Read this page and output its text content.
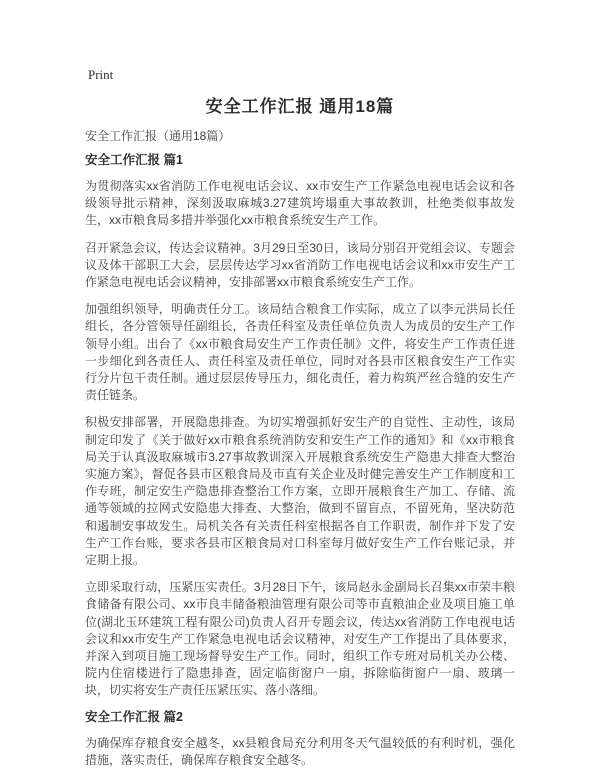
Print
安全工作汇报 通用18篇

安全工作汇报（通用18篇）

安全工作汇报 篇1

为贯彻落实xx省消防工作电视电话会议、xx市安生产工作紧急电视电话会议和各级领导批示精神，深刻汲取麻城3.27建筑垮塌重大事故教训，杜绝类似事故发生，xx市粮食局多措并举强化xx市粮食系统安生产工作。

召开紧急会议，传达会议精神。3月29日至30日，该局分别召开党组会议、专题会议及体干部职工大会，层层传达学习xx省消防工作电视电话会议和xx市安生产工作紧急电视电话会议精神，安排部署xx市粮食系统安生产工作。

加强组织领导，明确责任分工。该局结合粮食工作实际，成立了以李元洪局长任组长，各分管领导任副组长，各责任科室及责任单位负责人为成员的安生产工作领导小组。出台了《xx市粮食局安生产工作责任制》文件，将安生产工作责任进一步细化到各责任人、责任科室及责任单位，同时对各县市区粮食安生产工作实行分片包干责任制。通过层层传导压力，细化责任，着力构筑严丝合缝的安生产责任链条。

积极安排部署，开展隐患排查。为切实增强抓好安生产的自觉性、主动性，该局制定印发了《关于做好xx市粮食系统消防安和安生产工作的通知》和《xx市粮食局关于认真汲取麻城市3.27事故教训深入开展粮食系统安生产隐患大排查大整治实施方案》，督促各县市区粮食局及市直有关企业及时健完善安生产工作制度和工作专班，制定安生产隐患排查整治工作方案，立即开展粮食生产加工、存储、流通等领域的拉网式安隐患大排查、大整治，做到不留盲点，不留死角，坚决防范和遏制安事故发生。局机关各有关责任科室根据各自工作职责，制作并下发了安生产工作台账，要求各县市区粮食局对口科室每月做好安生产工作台账记录，并定期上报。

立即采取行动，压紧压实责任。3月28日下午，该局赵永金副局长召集xx市荣丰粮食储备有限公司、xx市良丰储备粮油管理有限公司等市直粮油企业及项目施工单位(湖北玉环建筑工程有限公司)负责人召开专题会议，传达xx省消防工作电视电话会议和xx市安生产工作紧急电视电话会议精神，对安生产工作提出了具体要求，并深入到项目施工现场督导安生产工作。同时，组织工作专班对局机关办公楼、院内住宿楼进行了隐患排查，固定临街窗户一扇，拆除临街窗户一扇、玻璃一块，切实将安生产责任压紧压实、落小落细。

安全工作汇报 篇2

为确保库存粮食安全越冬，xx县粮食局充分利用冬天气温较低的有利时机，强化措施，落实责任，确保库存粮食安全越冬。
